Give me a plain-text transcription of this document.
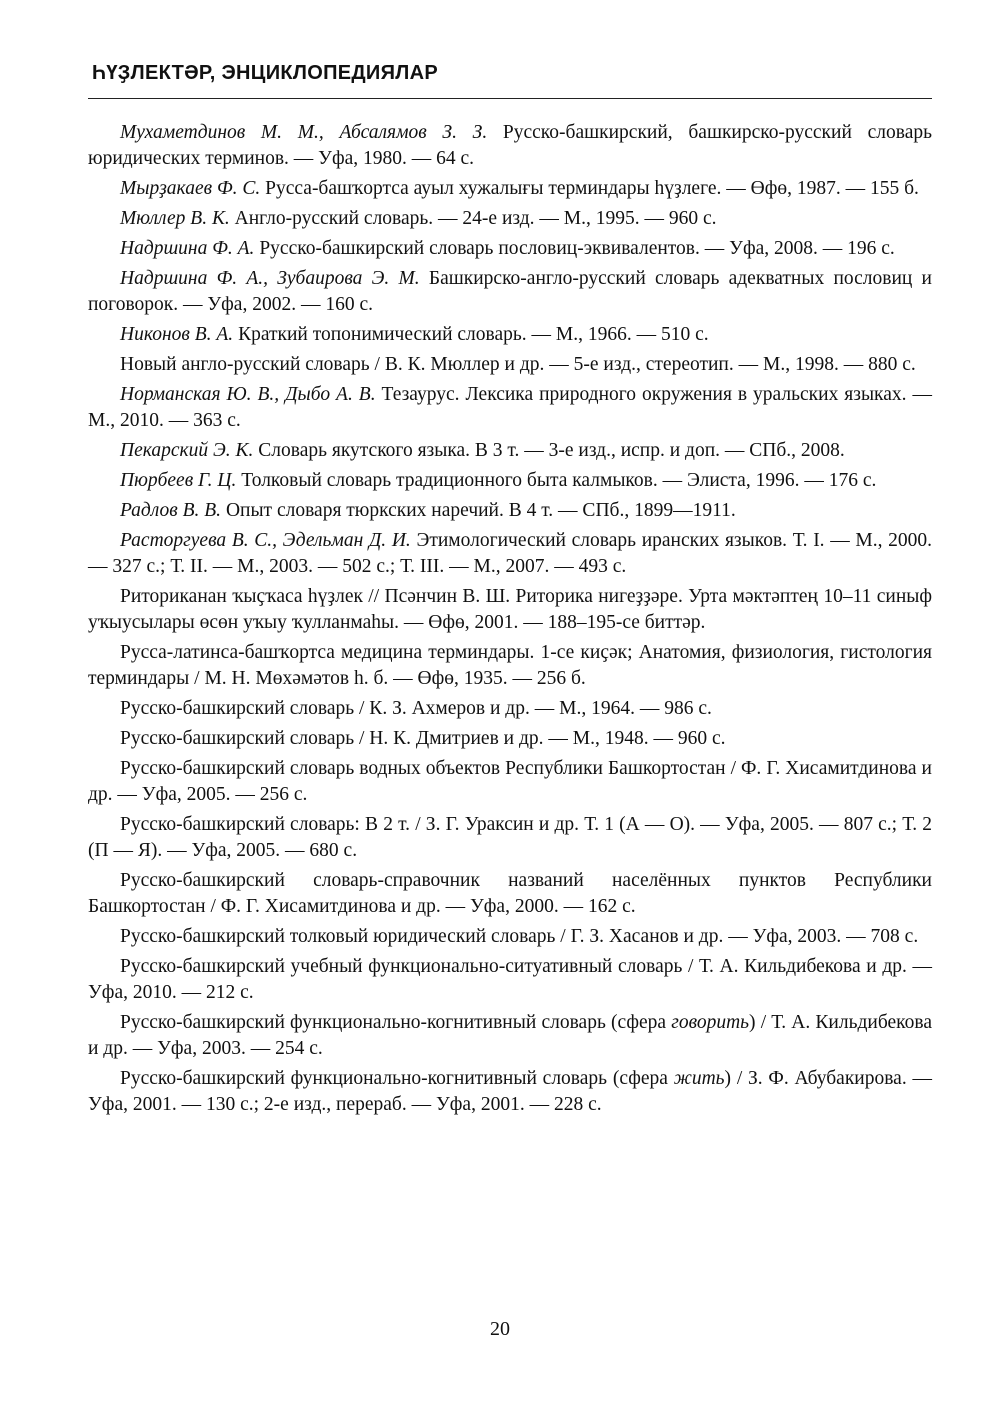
ҺҮҘЛЕКТӘР, ЭНЦИКЛОПЕДИЯЛАР

Мухаметдинов М. М., Абсалямов З. З. Русско-башкирский, башкирско-русский словарь юридических терминов. — Уфа, 1980. — 64 с.

Мырҙакаев Ф. С. Русса-башҡортса ауыл хужалығы терминдары һүҙлеге. — Өфө, 1987. — 155 б.

Мюллер В. К. Англо-русский словарь. — 24-е изд. — М., 1995. — 960 с.

Надршина Ф. А. Русско-башкирский словарь пословиц-эквивалентов. — Уфа, 2008. — 196 с.

Надршина Ф. А., Зубаирова Э. М. Башкирско-англо-русский словарь адекватных пословиц и поговорок. — Уфа, 2002. — 160 с.

Никонов В. А. Краткий топонимический словарь. — М., 1966. — 510 с.

Новый англо-русский словарь / В. К. Мюллер и др. — 5-е изд., стереотип. — М., 1998. — 880 с.

Норманская Ю. В., Дыбо А. В. Тезаурус. Лексика природного окружения в уральских языках. — М., 2010. — 363 с.

Пекарский Э. К. Словарь якутского языка. В 3 т. — 3-е изд., испр. и доп. — СПб., 2008.

Пюрбеев Г. Ц. Толковый словарь традиционного быта калмыков. — Элиста, 1996. — 176 с.

Радлов В. В. Опыт словаря тюркских наречий. В 4 т. — СПб., 1899—1911.

Расторгуева В. С., Эдельман Д. И. Этимологический словарь иранских языков. Т. I. — М., 2000. — 327 с.; Т. II. — М., 2003. — 502 с.; Т. III. — М., 2007. — 493 с.

Риториканан ҡыҫҡаса һүҙлек // Псәнчин В. Ш. Риторика нигеҙҙәре. Урта мәктәптең 10–11 синыф уҡыусылары өсөн уҡыу ҡулланмаһы. — Өфө, 2001. — 188–195-се биттәр.

Русса-латинса-башҡортса медицина терминдары. 1-се киҫәк; Анатомия, физиология, гистология терминдары / М. Н. Мөхәмәтов һ. б. — Өфө, 1935. — 256 б.

Русско-башкирский словарь / К. З. Ахмеров и др. — М., 1964. — 986 с.

Русско-башкирский словарь / Н. К. Дмитриев и др. — М., 1948. — 960 с.

Русско-башкирский словарь водных объектов Республики Башкортостан / Ф. Г. Хисамитдинова и др. — Уфа, 2005. — 256 с.

Русско-башкирский словарь: В 2 т. / З. Г. Ураксин и др. Т. 1 (А — О). — Уфа, 2005. — 807 с.; Т. 2 (П — Я). — Уфа, 2005. — 680 с.

Русско-башкирский словарь-справочник названий населённых пунктов Республики Башкортостан / Ф. Г. Хисамитдинова и др. — Уфа, 2000. — 162 с.

Русско-башкирский толковый юридический словарь / Г. З. Хасанов и др. — Уфа, 2003. — 708 с.

Русско-башкирский учебный функционально-ситуативный словарь / Т. А. Кильдибекова и др. — Уфа, 2010. — 212 с.

Русско-башкирский функционально-когнитивный словарь (сфера говорить) / Т. А. Кильдибекова и др. — Уфа, 2003. — 254 с.

Русско-башкирский функционально-когнитивный словарь (сфера жить) / З. Ф. Абубакирова. — Уфа, 2001. — 130 с.; 2-е изд., перераб. — Уфа, 2001. — 228 с.

20
